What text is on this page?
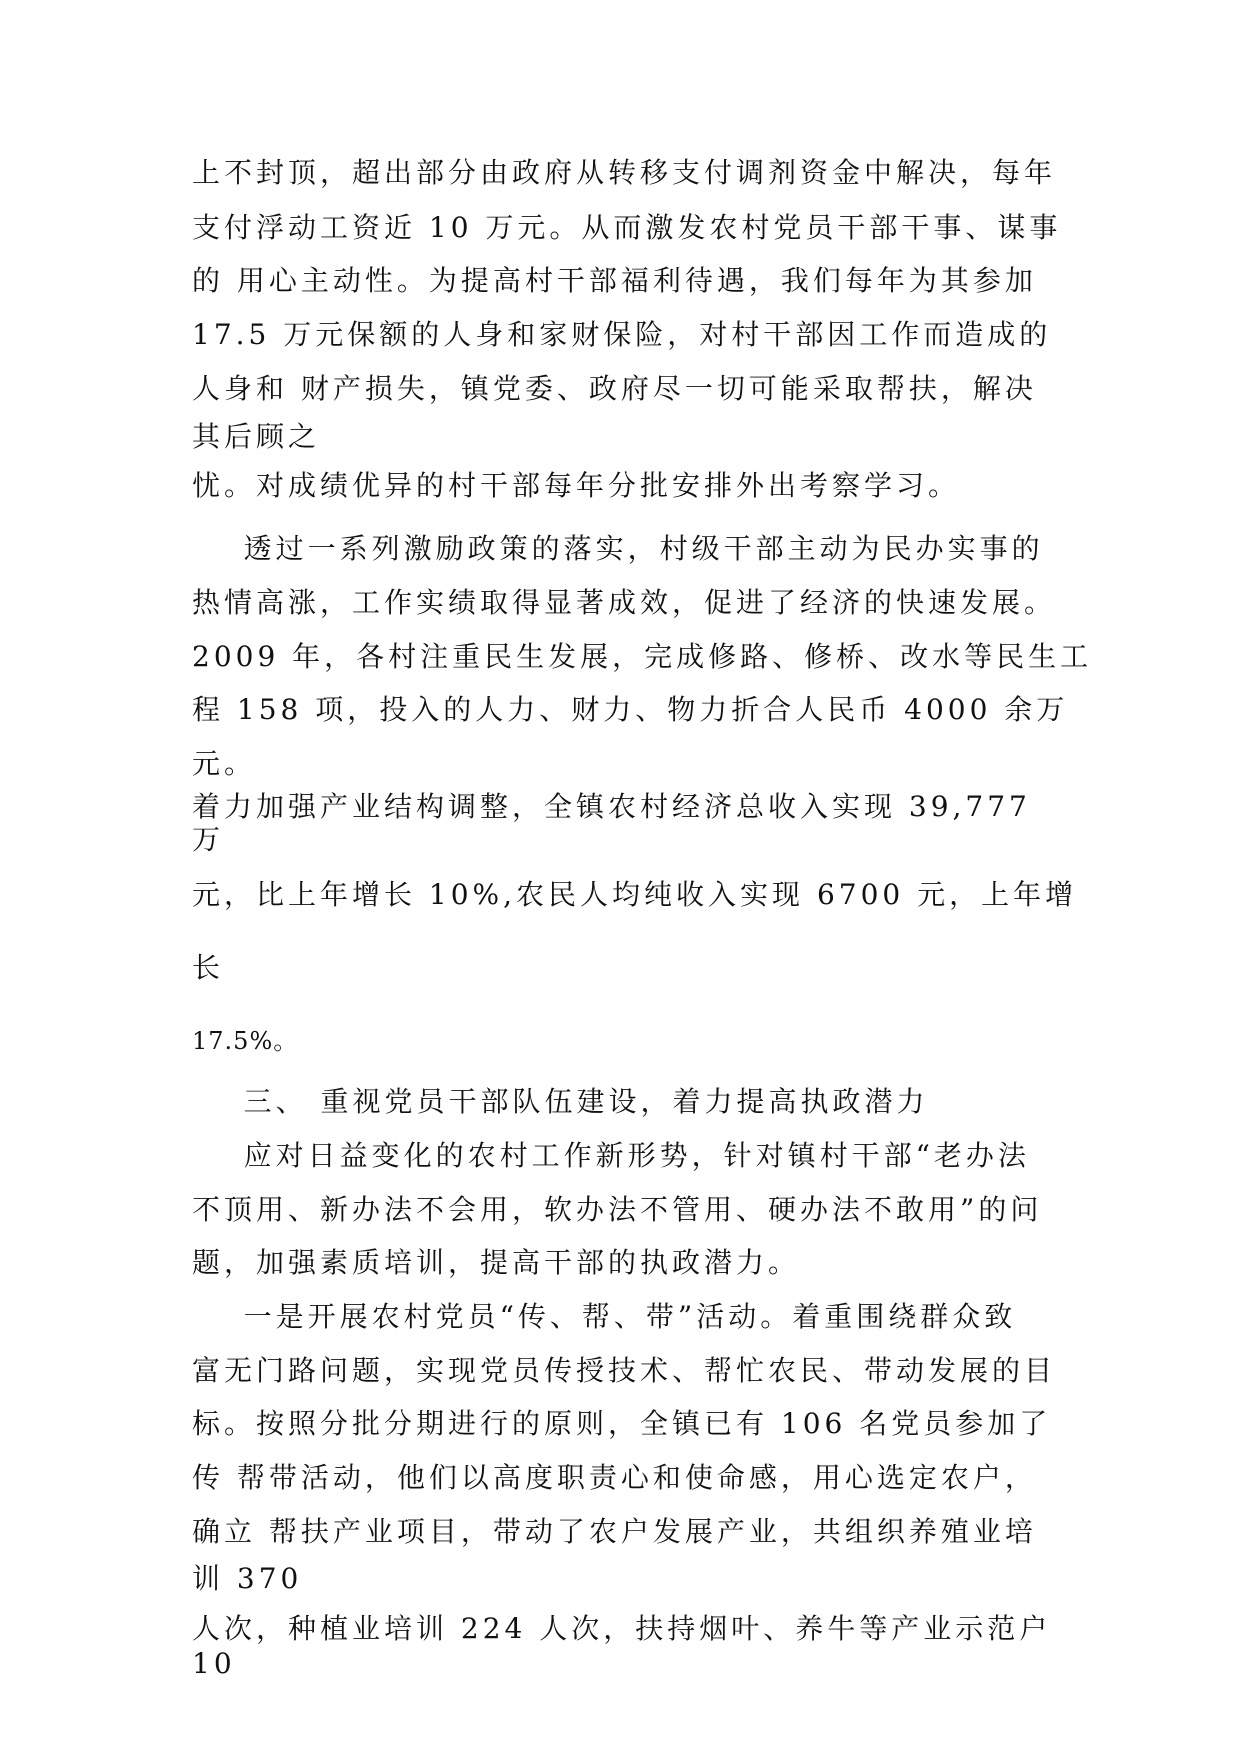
上不封顶，超出部分由政府从转移支付调剂资金中解决，每年

支付浮动工资近 10 万元。从而激发农村党员干部干事、谋事

的 用心主动性。为提高村干部福利待遇，我们每年为其参加

17.5 万元保额的人身和家财保险，对村干部因工作而造成的

人身和 财产损失，镇党委、政府尽一切可能采取帮扶，解决

其后顾之

忧。对成绩优异的村干部每年分批安排外出考察学习。

透过一系列激励政策的落实，村级干部主动为民办实事的

热情高涨，工作实绩取得显著成效，促进了经济的快速发展。

2009 年，各村注重民生发展，完成修路、修桥、改水等民生工

程 158 项，投入的人力、财力、物力折合人民币 4000 余万

元。

着力加强产业结构调整，全镇农村经济总收入实现 39,777

万

元，比上年增长 10%,农民人均纯收入实现 6700 元，上年增

长

17.5%。

三、 重视党员干部队伍建设，着力提高执政潜力

应对日益变化的农村工作新形势，针对镇村干部“老办法

不顶用、新办法不会用，软办法不管用、硬办法不敢用”的问

题，加强素质培训，提高干部的执政潜力。

一是开展农村党员“传、帮、带”活动。着重围绕群众致

富无门路问题，实现党员传授技术、帮忙农民、带动发展的目

标。按照分批分期进行的原则，全镇已有 106 名党员参加了

传 帮带活动，他们以高度职责心和使命感，用心选定农户，

确立 帮扶产业项目，带动了农户发展产业，共组织养殖业培

训 370

人次，种植业培训 224 人次，扶持烟叶、养牛等产业示范户

10
